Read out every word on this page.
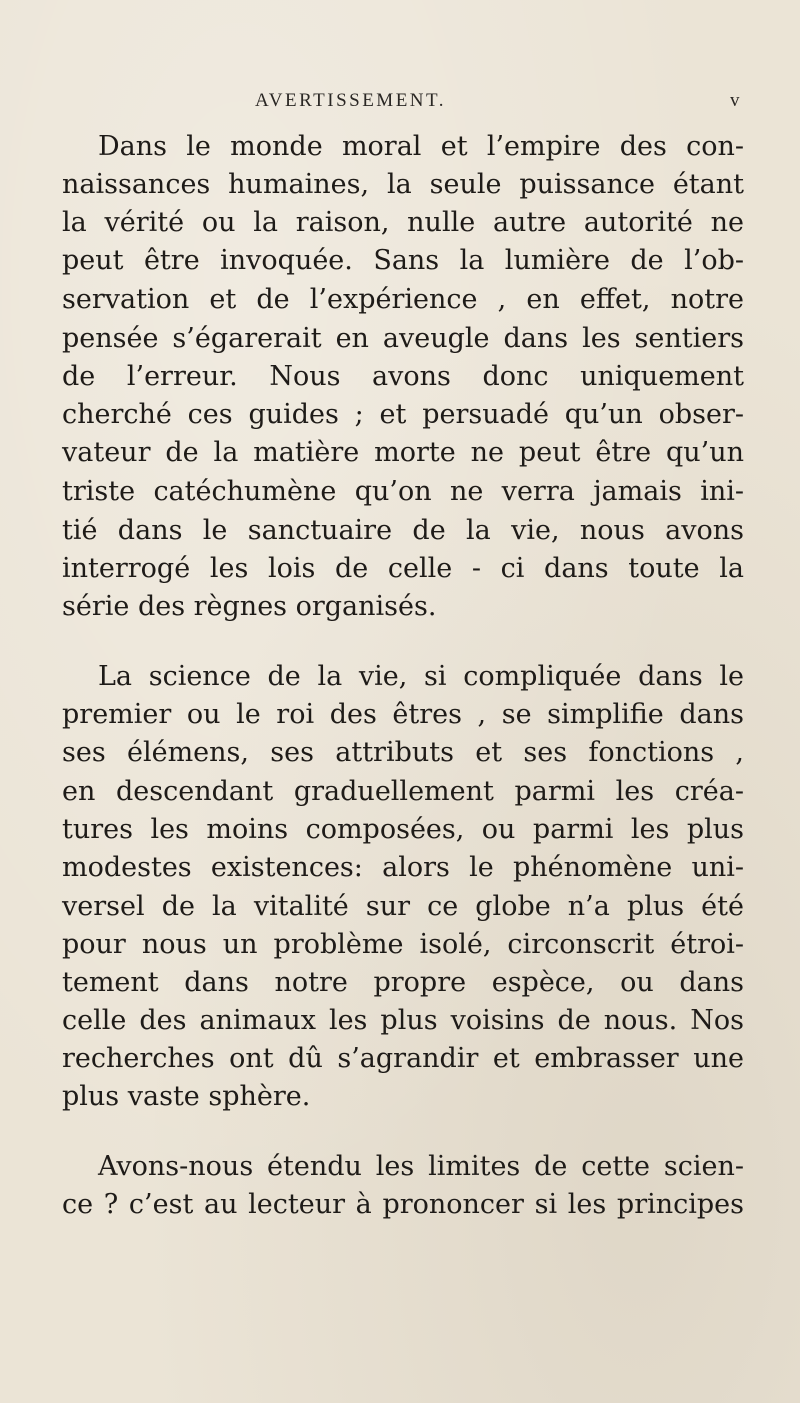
AVERTISSEMENT.	v
Dans le monde moral et l’empire des con-
naissances humaines, la seule puissance étant
la vérité ou la raison, nulle autre autorité ne
peut être invoquée. Sans la lumière de l’ob-
servation et de l’expérience , en effet, notre
pensée s’égarerait en aveugle dans les sentiers
de l’erreur. Nous avons donc uniquement
cherché ces guides ; et persuadé qu’un obser-
vateur de la matière morte ne peut être qu’un
triste catéchumène qu’on ne verra jamais ini-
tié dans le sanctuaire de la vie, nous avons
interrogé les lois de celle - ci dans toute la
série des règnes organisés.
La science de la vie, si compliquée dans le
premier ou le roi des êtres , se simplifie dans
ses élémens, ses attributs et ses fonctions ,
en descendant graduellement parmi les créa-
tures les moins composées, ou parmi les plus
modestes existences: alors le phénomène uni-
versel de la vitalité sur ce globe n’a plus été
pour nous un problème isolé, circonscrit étroi-
tement dans notre propre espèce, ou dans
celle des animaux les plus voisins de nous. Nos
recherches ont dû s’agrandir et embrasser une
plus vaste sphère.
Avons-nous étendu les limites de cette scien-
ce ? c’est au lecteur à prononcer si les principes
